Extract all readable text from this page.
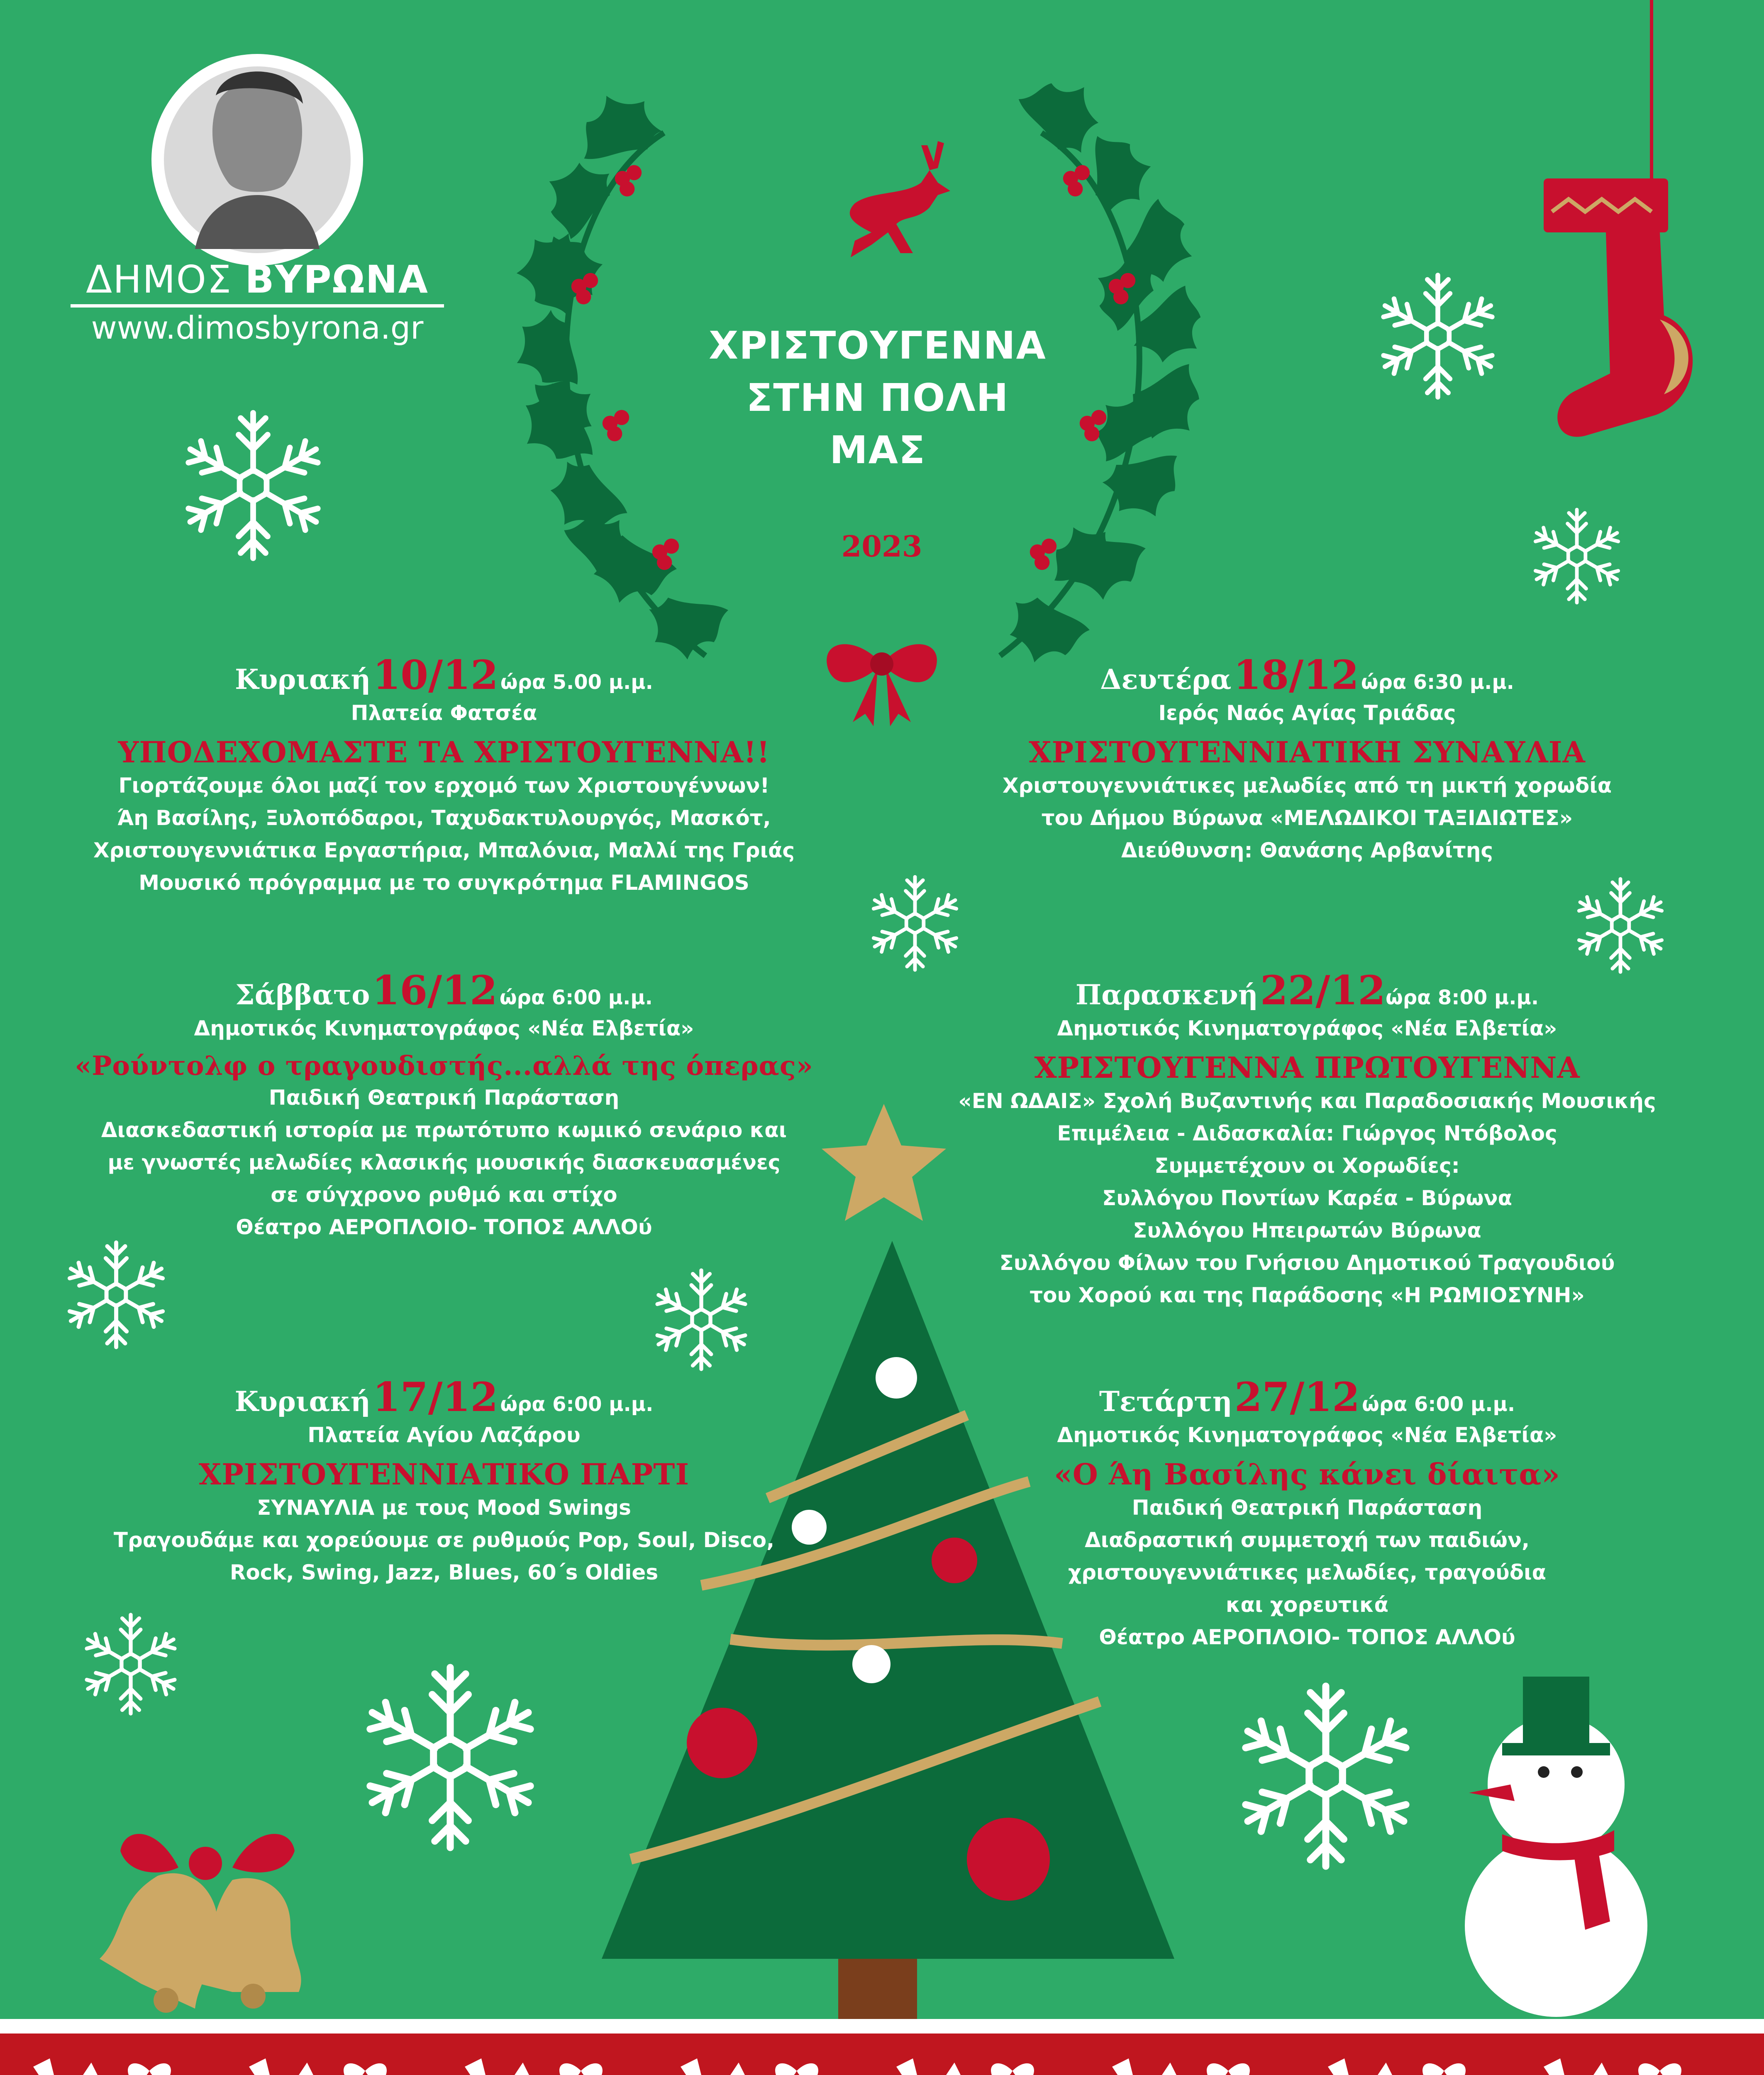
ΔΗΜΟΣ ΒΥΡΩΝΑ
www.dimosbyrona.gr	ΧΡΙΣΤΟΥΓΕΝΝΑ
ΣΤΗΝ ΠΟΛΗ
ΜΑΣ
2023
Κυριακή 10/12 ώρα 5.00 μ.μ.
Πλατεία Φατσέα
ΥΠΟΔΕΧΟΜΑΣΤΕ ΤΑ ΧΡΙΣΤΟΥΓΕΝΝΑ!!
Γιορτάζουμε όλοι μαζί τον ερχομό των Χριστουγέννων!
Άη Βασίλης, Ξυλοπόδαροι, Ταχυδακτυλουργός, Μασκότ,
Χριστουγεννιάτικα Εργαστήρια, Μπαλόνια, Μαλλί της Γριάς
Μουσικό πρόγραμμα με το συγκρότημα FLAMINGOS
Δευτέρα 18/12 ώρα 6:30 μ.μ.
Ιερός Ναός Αγίας Τριάδας
ΧΡΙΣΤΟΥΓΕΝΝΙΑΤΙΚΗ ΣΥΝΑΥΛΙΑ
Χριστουγεννιάτικες μελωδίες από τη μικτή χορωδία
του Δήμου Βύρωνα «ΜΕΛΩΔΙΚΟΙ ΤΑΞΙΔΙΩΤΕΣ»
Διεύθυνση: Θανάσης Αρβανίτης
Σάββατο 16/12 ώρα 6:00 μ.μ.
Δημοτικός Κινηματογράφος «Νέα Ελβετία»
«Ρούντολφ ο τραγουδιστής...αλλά της όπερας»
Παιδική Θεατρική Παράσταση
Διασκεδαστική ιστορία με πρωτότυπο κωμικό σενάριο και
με γνωστές μελωδίες κλασικής μουσικής διασκευασμένες
σε σύγχρονο ρυθμό και στίχο
Θέατρο ΑΕΡΟΠΛΟΙΟ- ΤΟΠΟΣ ΑΛΛΟύ
Παρασκενή 22/12ώρα 8:00 μ.μ.
Δημοτικός Κινηματογράφος «Νέα Ελβετία»
ΧΡΙΣΤΟΥΓΕΝΝΑ ΠΡΩΤΟΥΓΕΝΝΑ
«ΕΝ ΩΔΑΙΣ» Σχολή Βυζαντινής και Παραδοσιακής Μουσικής
Επιμέλεια - Διδασκαλία: Γιώργος Ντόβολος
Συμμετέχουν οι Χορωδίες:
Συλλόγου Ποντίων Καρέα - Βύρωνα
Συλλόγου Ηπειρωτών Βύρωνα
Συλλόγου Φίλων του Γνήσιου Δημοτικού Τραγουδιού
του Χορού και της Παράδοσης «Η ΡΩΜΙΟΣΥΝΗ»
Κυριακή 17/12 ώρα 6:00 μ.μ.
Πλατεία Αγίου Λαζάρου
ΧΡΙΣΤΟΥΓΕΝΝΙΑΤΙΚΟ ΠΑΡΤΙ
ΣΥΝΑΥΛΙΑ με τους Mood Swings
Τραγουδάμε και χορεύουμε σε ρυθμούς Pop, Soul, Disco,
Rock, Swing, Jazz, Blues, 60΄s Oldies
Τετάρτη 27/12 ώρα 6:00 μ.μ.
Δημοτικός Κινηματογράφος «Νέα Ελβετία»
«Ο Άη Βασίλης κάνει δίαιτα»
Παιδική Θεατρική Παράσταση
Διαδραστική συμμετοχή των παιδιών,
χριστουγεννιάτικες μελωδίες, τραγούδια
και χορευτικά
Θέατρο ΑΕΡΟΠΛΟΙΟ- ΤΟΠΟΣ ΑΛΛΟύ
